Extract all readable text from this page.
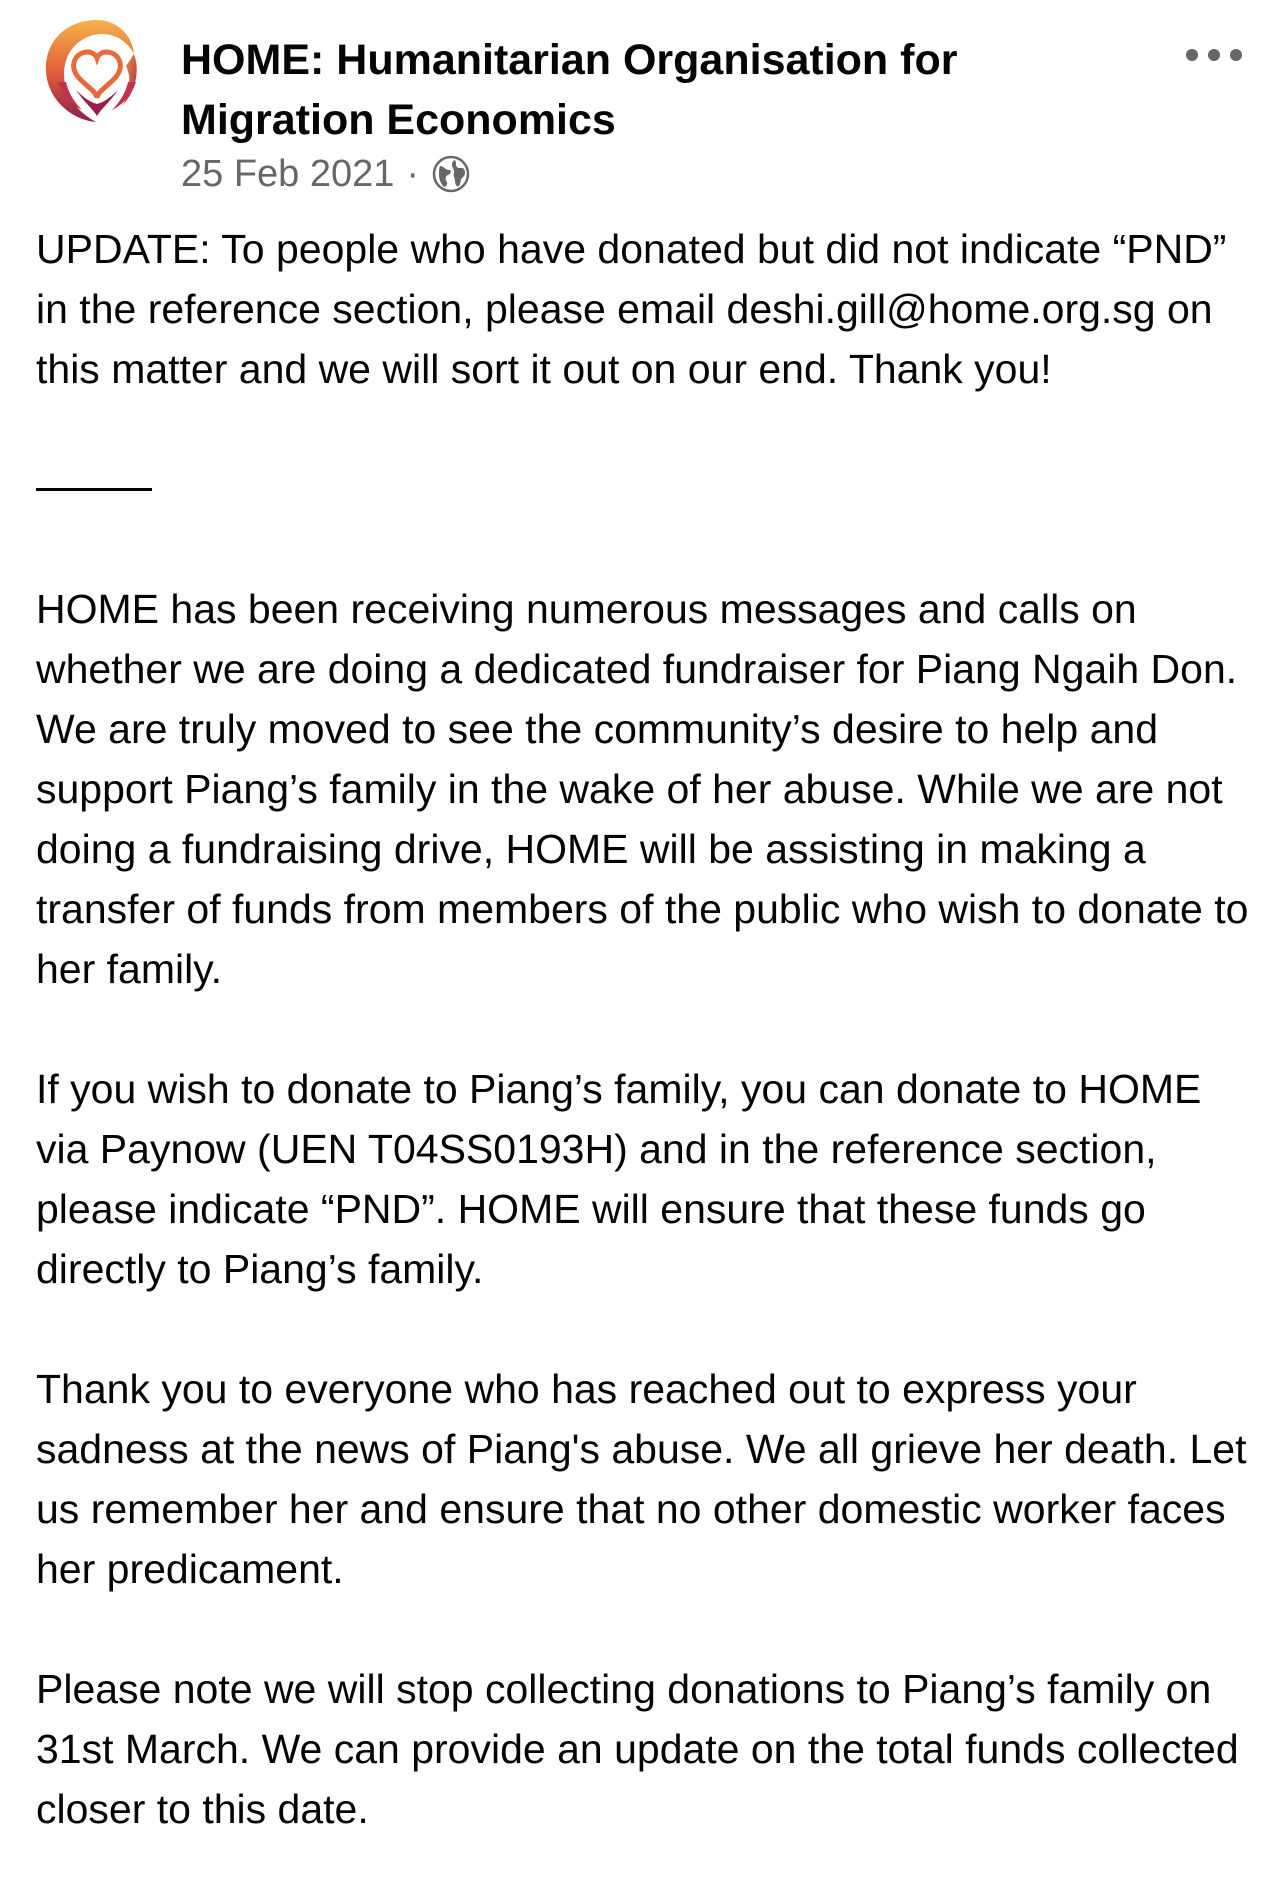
HOME: Humanitarian Organisation for Migration Economics
25 Feb 2021 ·

UPDATE: To people who have donated but did not indicate “PND” in the reference section, please email deshi.gill@home.org.sg on this matter and we will sort it out on our end. Thank you!

HOME has been receiving numerous messages and calls on whether we are doing a dedicated fundraiser for Piang Ngaih Don. We are truly moved to see the community’s desire to help and support Piang’s family in the wake of her abuse. While we are not doing a fundraising drive, HOME will be assisting in making a transfer of funds from members of the public who wish to donate to her family.

If you wish to donate to Piang’s family, you can donate to HOME via Paynow (UEN T04SS0193H) and in the reference section, please indicate “PND”. HOME will ensure that these funds go directly to Piang’s family.

Thank you to everyone who has reached out to express your sadness at the news of Piang's abuse. We all grieve her death. Let us remember her and ensure that no other domestic worker faces her predicament.

Please note we will stop collecting donations to Piang’s family on 31st March. We can provide an update on the total funds collected closer to this date.
